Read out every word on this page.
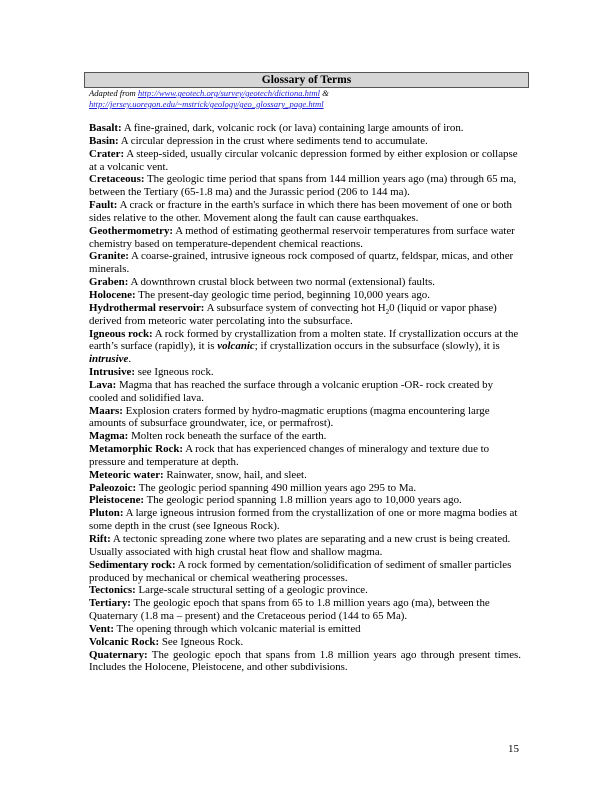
Glossary of Terms
Adapted from http://www.geotech.org/survey/geotech/dictiona.html &
http://jersey.uoregon.edu/~mstrick/geology/geo_glossary_page.html

Basalt: A fine-grained, dark, volcanic rock (or lava) containing large amounts of iron.

Basin: A circular depression in the crust where sediments tend to accumulate.

Crater: A steep-sided, usually circular volcanic depression formed by either explosion or collapse at a volcanic vent.

Cretaceous: The geologic time period that spans from 144 million years ago (ma) through 65 ma, between the Tertiary (65-1.8 ma) and the Jurassic period (206 to 144 ma).

Fault: A crack or fracture in the earth's surface in which there has been movement of one or both sides relative to the other. Movement along the fault can cause earthquakes.

Geothermometry: A method of estimating geothermal reservoir temperatures from surface water chemistry based on temperature-dependent chemical reactions.

Granite: A coarse-grained, intrusive igneous rock composed of quartz, feldspar, micas, and other minerals.

Graben: A downthrown crustal block between two normal (extensional) faults.

Holocene: The present-day geologic time period, beginning 10,000 years ago.

Hydrothermal reservoir: A subsurface system of convecting hot $H_20$ (liquid or vapor phase) derived from meteoric water percolating into the subsurface.

Igneous rock: A rock formed by crystallization from a molten state. If crystallization occurs at the earth’s surface (rapidly), it is volcanic; if crystallization occurs in the subsurface (slowly), it is intrusive.

Intrusive: see Igneous rock.

Lava: Magma that has reached the surface through a volcanic eruption -OR- rock created by cooled and solidified lava.

Maars: Explosion craters formed by hydro-magmatic eruptions (magma encountering large amounts of subsurface groundwater, ice, or permafrost).

Magma: Molten rock beneath the surface of the earth.

Metamorphic Rock: A rock that has experienced changes of mineralogy and texture due to pressure and temperature at depth.

Meteoric water: Rainwater, snow, hail, and sleet.

Paleozoic: The geologic period spanning 490 million years ago 295 to Ma.

Pleistocene: The geologic period spanning 1.8 million years ago to 10,000 years ago.

Pluton: A large igneous intrusion formed from the crystallization of one or more magma bodies at some depth in the crust (see Igneous Rock).

Rift: A tectonic spreading zone where two plates are separating and a new crust is being created. Usually associated with high crustal heat flow and shallow magma.

Sedimentary rock: A rock formed by cementation/solidification of sediment of smaller particles produced by mechanical or chemical weathering processes.

Tectonics: Large-scale structural setting of a geologic province.

Tertiary: The geologic epoch that spans from 65 to 1.8 million years ago (ma), between the Quaternary (1.8 ma – present) and the Cretaceous period (144 to 65 Ma).

Vent: The opening through which volcanic material is emitted

Volcanic Rock: See Igneous Rock.

Quaternary: The geologic epoch that spans from 1.8 million years ago through present times. Includes the Holocene, Pleistocene, and other subdivisions.

15
